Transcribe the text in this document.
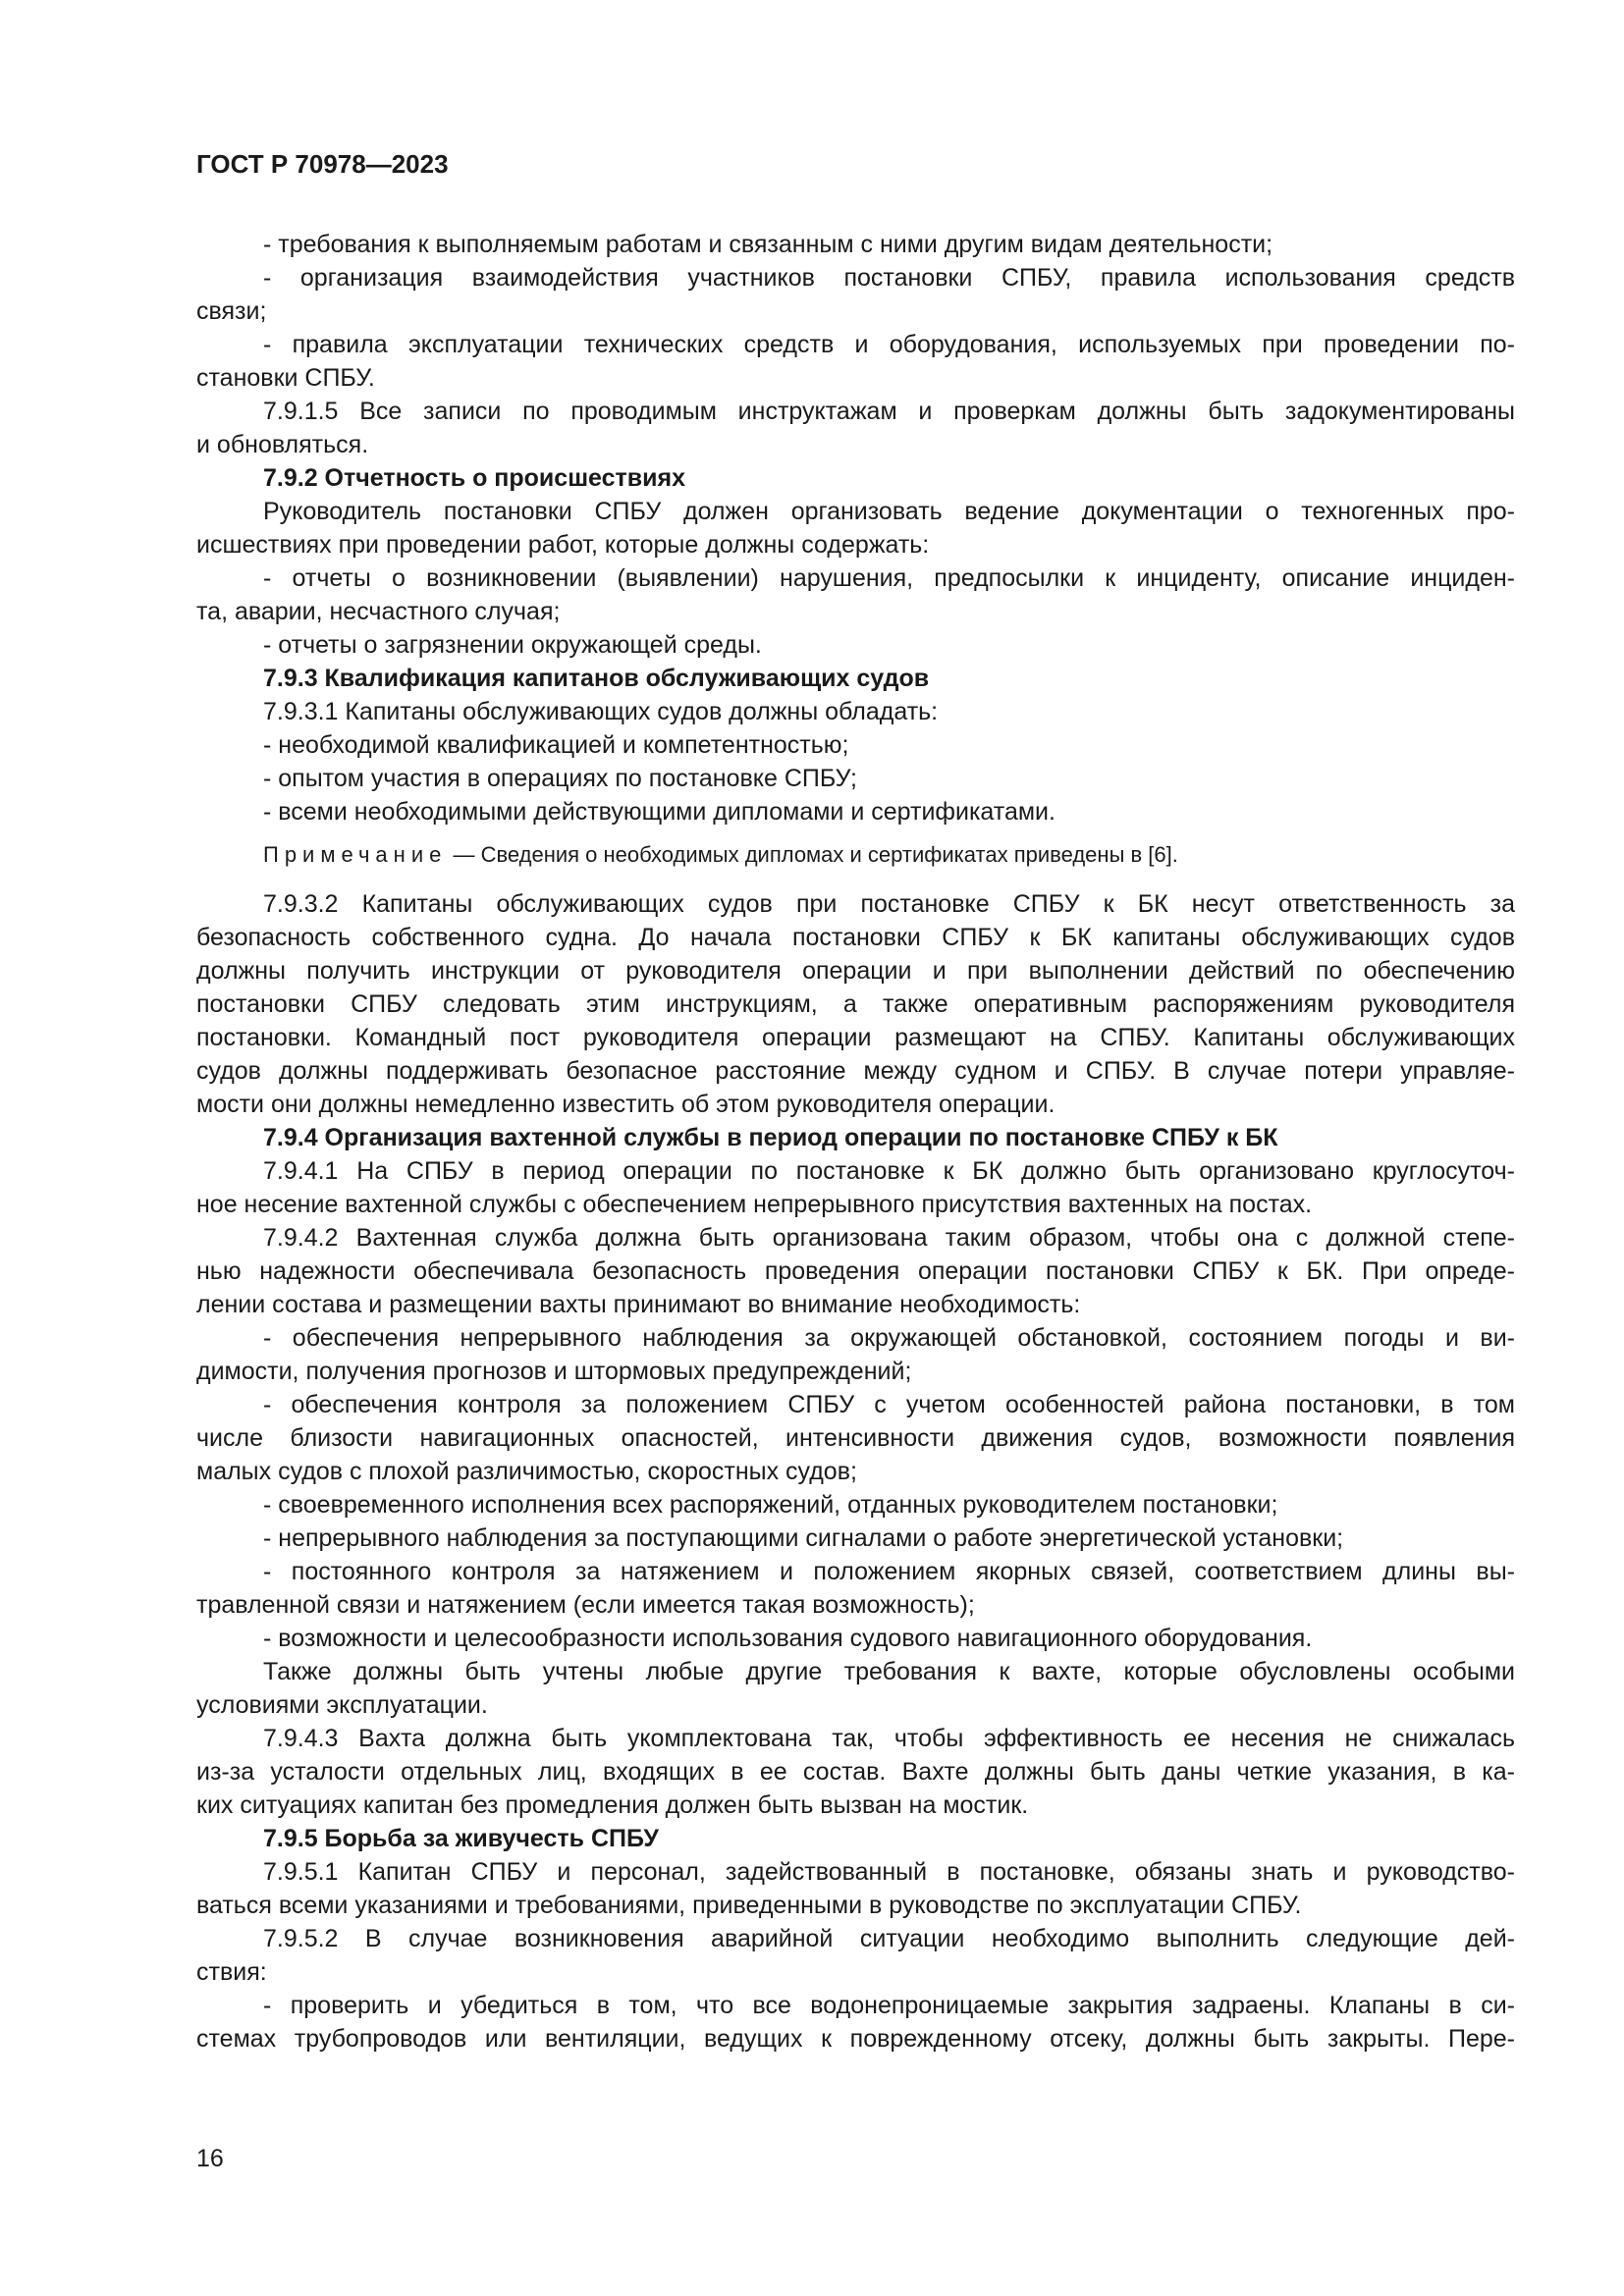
ГОСТ Р 70978—2023
- требования к выполняемым работам и связанным с ними другим видам деятельности;
- организация взаимодействия участников постановки СПБУ, правила использования средств
связи;
- правила эксплуатации технических средств и оборудования, используемых при проведении по-
становки СПБУ.
7.9.1.5 Все записи по проводимым инструктажам и проверкам должны быть задокументированы
и обновляться.
7.9.2 Отчетность о происшествиях
Руководитель постановки СПБУ должен организовать ведение документации о техногенных про-
исшествиях при проведении работ, которые должны содержать:
- отчеты о возникновении (выявлении) нарушения, предпосылки к инциденту, описание инциден-
та, аварии, несчастного случая;
- отчеты о загрязнении окружающей среды.
7.9.3 Квалификация капитанов обслуживающих судов
7.9.3.1 Капитаны обслуживающих судов должны обладать:
- необходимой квалификацией и компетентностью;
- опытом участия в операциях по постановке СПБУ;
- всеми необходимыми действующими дипломами и сертификатами.
Примечание — Сведения о необходимых дипломах и сертификатах приведены в [6].
7.9.3.2 Капитаны обслуживающих судов при постановке СПБУ к БК несут ответственность за
безопасность собственного судна. До начала постановки СПБУ к БК капитаны обслуживающих судов
должны получить инструкции от руководителя операции и при выполнении действий по обеспечению
постановки СПБУ следовать этим инструкциям, а также оперативным распоряжениям руководителя
постановки. Командный пост руководителя операции размещают на СПБУ. Капитаны обслуживающих
судов должны поддерживать безопасное расстояние между судном и СПБУ. В случае потери управляе-
мости они должны немедленно известить об этом руководителя операции.
7.9.4 Организация вахтенной службы в период операции по постановке СПБУ к БК
7.9.4.1 На СПБУ в период операции по постановке к БК должно быть организовано круглосуточ-
ное несение вахтенной службы с обеспечением непрерывного присутствия вахтенных на постах.
7.9.4.2 Вахтенная служба должна быть организована таким образом, чтобы она с должной степе-
нью надежности обеспечивала безопасность проведения операции постановки СПБУ к БК. При опреде-
лении состава и размещении вахты принимают во внимание необходимость:
- обеспечения непрерывного наблюдения за окружающей обстановкой, состоянием погоды и ви-
димости, получения прогнозов и штормовых предупреждений;
- обеспечения контроля за положением СПБУ с учетом особенностей района постановки, в том
числе близости навигационных опасностей, интенсивности движения судов, возможности появления
малых судов с плохой различимостью, скоростных судов;
- своевременного исполнения всех распоряжений, отданных руководителем постановки;
- непрерывного наблюдения за поступающими сигналами о работе энергетической установки;
- постоянного контроля за натяжением и положением якорных связей, соответствием длины вы-
травленной связи и натяжением (если имеется такая возможность);
- возможности и целесообразности использования судового навигационного оборудования.
Также должны быть учтены любые другие требования к вахте, которые обусловлены особыми
условиями эксплуатации.
7.9.4.3 Вахта должна быть укомплектована так, чтобы эффективность ее несения не снижалась
из-за усталости отдельных лиц, входящих в ее состав. Вахте должны быть даны четкие указания, в ка-
ких ситуациях капитан без промедления должен быть вызван на мостик.
7.9.5 Борьба за живучесть СПБУ
7.9.5.1 Капитан СПБУ и персонал, задействованный в постановке, обязаны знать и руководство-
ваться всеми указаниями и требованиями, приведенными в руководстве по эксплуатации СПБУ.
7.9.5.2 В случае возникновения аварийной ситуации необходимо выполнить следующие дей-
ствия:
- проверить и убедиться в том, что все водонепроницаемые закрытия задраены. Клапаны в си-
стемах трубопроводов или вентиляции, ведущих к поврежденному отсеку, должны быть закрыты. Пере-
16
